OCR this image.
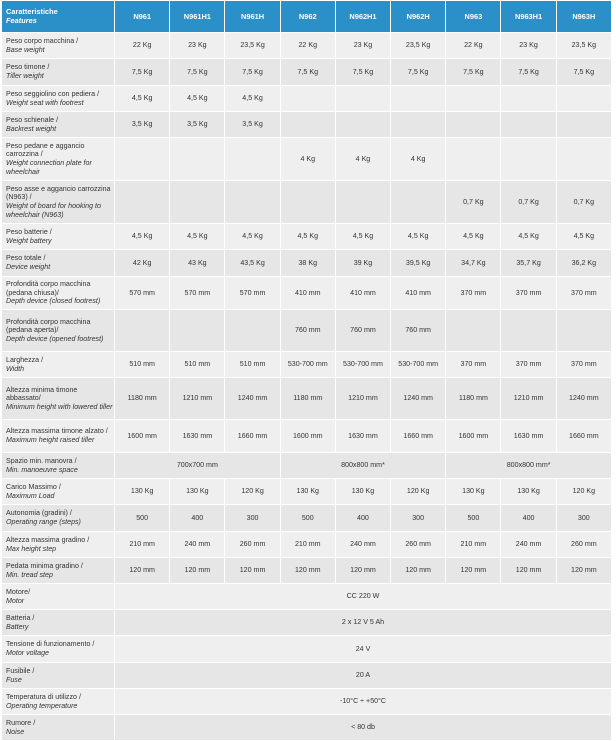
Caratteristiche
Features	N961	N961H1	N961H	N962	N962H1	N962H	N963	N963H1	N963H
Peso corpo macchina /
Base weight	22 Kg	23 Kg	23,5 Kg	22 Kg	23 Kg	23,5 Kg	22 Kg	23 Kg	23,5 Kg
Peso timone /
Tiller weight	7,5 Kg	7,5 Kg	7,5 Kg	7,5 Kg	7,5 Kg	7,5 Kg	7,5 Kg	7,5 Kg	7,5 Kg
Peso seggiolino con pediera /
Weight seat with footrest	4,5 Kg	4,5 Kg	4,5 Kg						
Peso schienale /
Backrest weight	3,5 Kg	3,5 Kg	3,5 Kg						
Peso pedane e aggancio carrozzina /
Weight connection plate for wheelchair				4 Kg	4 Kg	4 Kg			
Peso asse e aggancio carrozzina (N963) /
Weight of board for hooking to wheelchair (N963)							0,7 Kg	0,7 Kg	0,7 Kg
Peso batterie /
Weight battery	4,5 Kg	4,5 Kg	4,5 Kg	4,5 Kg	4,5 Kg	4,5 Kg	4,5 Kg	4,5 Kg	4,5 Kg
Peso totale /
Device weight	42 Kg	43 Kg	43,5 Kg	38 Kg	39 Kg	39,5 Kg	34,7 Kg	35,7 Kg	36,2 Kg
Profondità corpo macchina (pedana chiusa)/
Depth device (closed footrest)	570 mm	570 mm	570 mm	410 mm	410 mm	410 mm	370 mm	370 mm	370 mm
Profondità corpo macchina (pedana aperta)/
Depth device (opened footrest)				760 mm	760 mm	760 mm			
Larghezza /
Width	510 mm	510 mm	510 mm	530-700 mm	530-700 mm	530-700 mm	370 mm	370 mm	370 mm
Altezza minima timone abbassato/
Minimum height with lowered tiller	1180 mm	1210 mm	1240 mm	1180 mm	1210 mm	1240 mm	1180 mm	1210 mm	1240 mm
Altezza massima timone alzato /
Maximum height raised tiller	1600 mm	1630 mm	1660 mm	1600 mm	1630 mm	1660 mm	1600 mm	1630 mm	1660 mm
Spazio min. manovra /
Min. manoeuvre space	700x700 mm			800x800 mm*			800x800 mm*		
Carico Massimo /
Maximum Load	130 Kg	130 Kg	120 Kg	130 Kg	130 Kg	120 Kg	130 Kg	130 Kg	120 Kg
Autonomia (gradini) /
Operating range (steps)	500	400	300	500	400	300	500	400	300
Altezza massima gradino /
Max height step	210 mm	240 mm	260 mm	210 mm	240 mm	260 mm	210 mm	240 mm	260 mm
Pedata minima gradino /
Min. tread step	120 mm	120 mm	120 mm	120 mm	120 mm	120 mm	120 mm	120 mm	120 mm
Motore/
Motor	CC 220 W								
Batteria /
Battery	2 x 12 V 5 Ah								
Tensione di funzionamento /
Motor voltage	24 V								
Fusibile /
Fuse	20 A								
Temperatura di utilizzo /
Operating temperature	-10°C ÷ +50°C								
Rumore /
Noise	< 80 db								
